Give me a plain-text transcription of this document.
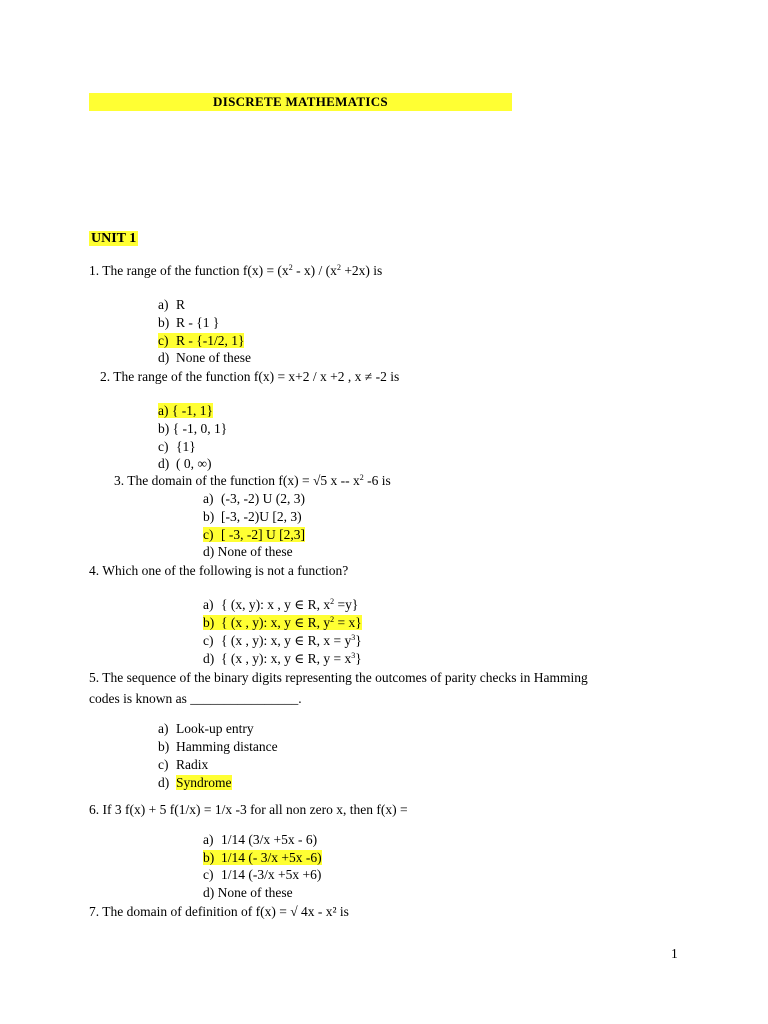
DISCRETE MATHEMATICS
UNIT 1
1. The range of the function $f(x) = (x^2 - x) / (x^2 +2x)$ is
a) R
b) R - {1 }
c) R - {-1/2, 1}
d) None of these
2. The range of the function f(x) = x+2 / x +2 , x ≠ -2 is
a) { -1, 1}
b) { -1, 0, 1}
c) {1}
d) ( 0, ∞)
3. The domain of the function f(x) = √5 x -- $x^2$ -6 is
a) (-3, -2) U (2, 3)
b) [-3, -2)U [2, 3)
c) [ -3, -2] U [2,3]
d) None of these
4. Which one of the following is not a function?
a) { (x, y): x , y ∈ R, $x^2 =y$}
b) { (x , y): x, y ∈ R, $y^2 = x$}
c) { (x , y): x, y ∈ R, $x = y^3$}
d) { (x , y): x, y ∈ R, $y = x^3$}
5. The sequence of the binary digits representing the outcomes of parity checks in Hamming
codes is known as ________________.
a) Look-up entry
b) Hamming distance
c) Radix
d) Syndrome
6. If 3 f(x) + 5 f(1/x) = 1/x -3 for all non zero x, then f(x) =
a) 1/14 (3/x +5x - 6)
b) 1/14 (- 3/x +5x -6)
c) 1/14 (-3/x +5x +6)
d) None of these
7. The domain of definition of f(x) = √ 4x - x² is
1
